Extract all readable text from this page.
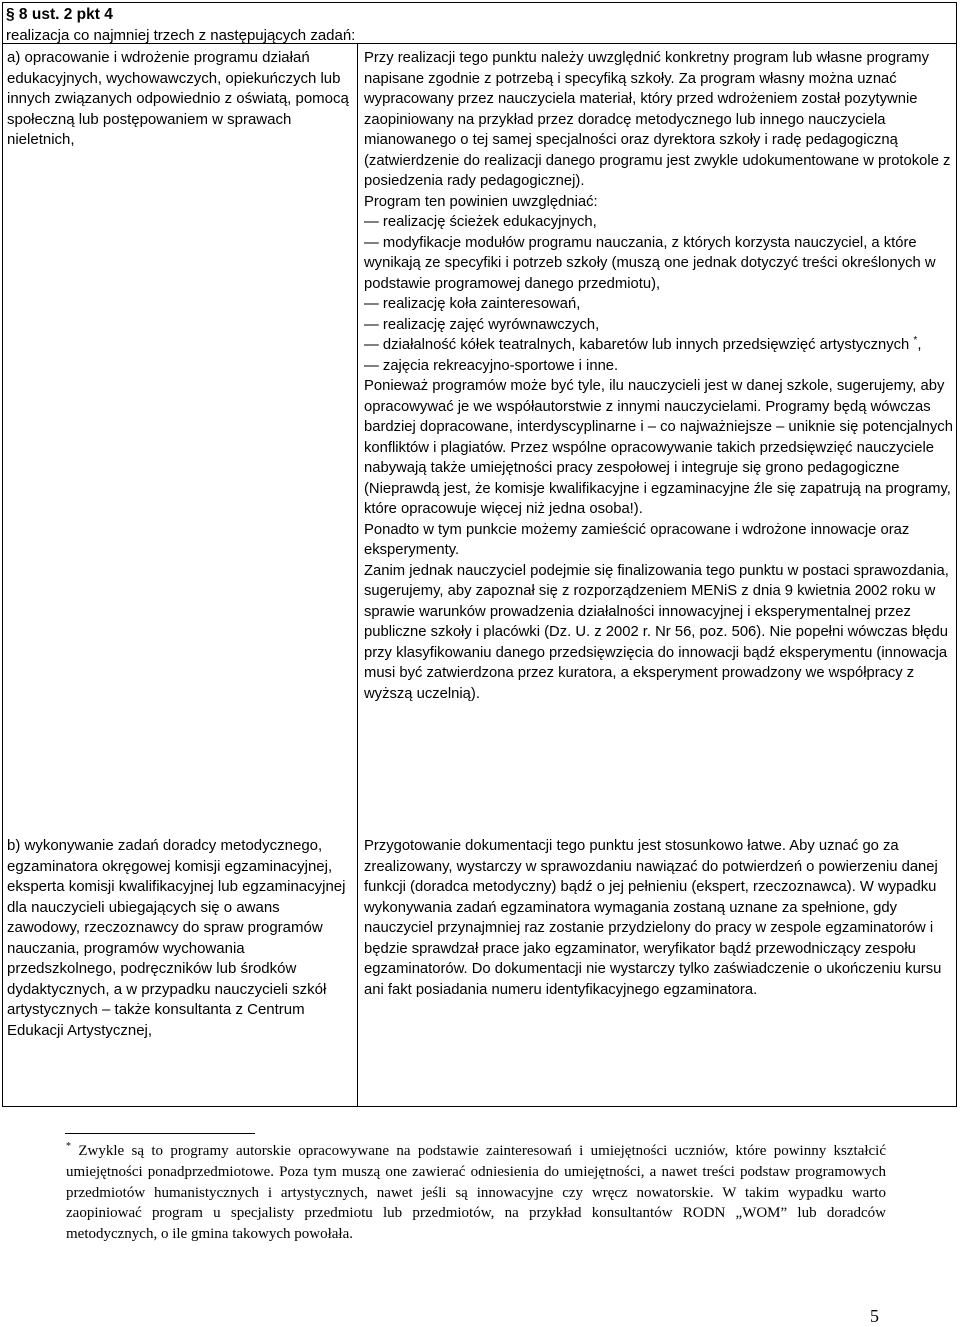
§ 8 ust. 2 pkt 4
realizacja co najmniej trzech z następujących zadań:
a) opracowanie i wdrożenie programu działań edukacyjnych, wychowawczych, opiekuńczych lub innych związanych odpowiednio z oświatą, pomocą społeczną lub postępowaniem w sprawach nieletnich,
b) wykonywanie zadań doradcy metodycznego, egzaminatora okręgowej komisji egzaminacyjnej, eksperta komisji kwalifikacyjnej lub egzaminacyjnej dla nauczycieli ubiegających się o awans zawodowy, rzeczoznawcy do spraw programów nauczania, programów wychowania przedszkolnego, podręczników lub środków dydaktycznych, a w przypadku nauczycieli szkół artystycznych – także konsultanta z Centrum Edukacji Artystycznej,

Przy realizacji tego punktu należy uwzględnić konkretny program lub własne programy napisane zgodnie z potrzebą i specyfiką szkoły. Za program własny można uznać wypracowany przez nauczyciela materiał, który przed wdrożeniem został pozytywnie zaopiniowany na przykład przez doradcę metodycznego lub innego nauczyciela mianowanego o tej samej specjalności oraz dyrektora szkoły i radę pedagogiczną (zatwierdzenie do realizacji danego programu jest zwykle udokumentowane w protokole z posiedzenia rady pedagogicznej).

Program ten powinien uwzględniać:

— realizację ścieżek edukacyjnych,
— modyfikacje modułów programu nauczania, z których korzysta nauczyciel, a które wynikają ze specyfiki i potrzeb szkoły (muszą one jednak dotyczyć treści określonych w podstawie programowej danego przedmiotu),
— realizację koła zainteresowań,
— realizację zajęć wyrównawczych,
— działalność kółek teatralnych, kabaretów lub innych przedsięwzięć artystycznych *,
— zajęcia rekreacyjno-sportowe i inne.

Ponieważ programów może być tyle, ilu nauczycieli jest w danej szkole, sugerujemy, aby opracowywać je we współautorstwie z innymi nauczycielami. Programy będą wówczas bardziej dopracowane, interdyscyplinarne i – co najważniejsze – uniknie się potencjalnych konfliktów i plagiatów. Przez wspólne opracowywanie takich przedsięwzięć nauczyciele nabywają także umiejętności pracy zespołowej i integruje się grono pedagogiczne (Nieprawdą jest, że komisje kwalifikacyjne i egzaminacyjne źle się zapatrują na programy, które opracowuje więcej niż jedna osoba!).

Ponadto w tym punkcie możemy zamieścić opracowane i wdrożone innowacje oraz eksperymenty.

Zanim jednak nauczyciel podejmie się finalizowania tego punktu w postaci sprawozdania, sugerujemy, aby zapoznał się z rozporządzeniem MENiS z dnia 9 kwietnia 2002 roku w sprawie warunków prowadzenia działalności innowacyjnej i eksperymentalnej przez publiczne szkoły i placówki (Dz. U. z 2002 r. Nr 56, poz. 506). Nie popełni wówczas błędu przy klasyfikowaniu danego przedsięwzięcia do innowacji bądź eksperymentu (innowacja musi być zatwierdzona przez kuratora, a eksperyment prowadzony we współpracy z wyższą uczelnią).

Przygotowanie dokumentacji tego punktu jest stosunkowo łatwe. Aby uznać go za zrealizowany, wystarczy w sprawozdaniu nawiązać do potwierdzeń o powierzeniu danej funkcji (doradca metodyczny) bądź o jej pełnieniu (ekspert, rzeczoznawca). W wypadku wykonywania zadań egzaminatora wymagania zostaną uznane za spełnione, gdy nauczyciel przynajmniej raz zostanie przydzielony do pracy w zespole egzaminatorów i będzie sprawdzał prace jako egzaminator, weryfikator bądź przewodniczący zespołu egzaminatorów. Do dokumentacji nie wystarczy tylko zaświadczenie o ukończeniu kursu ani fakt posiadania numeru identyfikacyjnego egzaminatora.
* Zwykle są to programy autorskie opracowywane na podstawie zainteresowań i umiejętności uczniów, które powinny kształcić umiejętności ponadprzedmiotowe. Poza tym muszą one zawierać odniesienia do umiejętności, a nawet treści podstaw programowych przedmiotów humanistycznych i artystycznych, nawet jeśli są innowacyjne czy wręcz nowatorskie. W takim wypadku warto zaopiniować program u specjalisty przedmiotu lub przedmiotów, na przykład konsultantów RODN „WOM” lub doradców metodycznych, o ile gmina takowych powołała.
5
